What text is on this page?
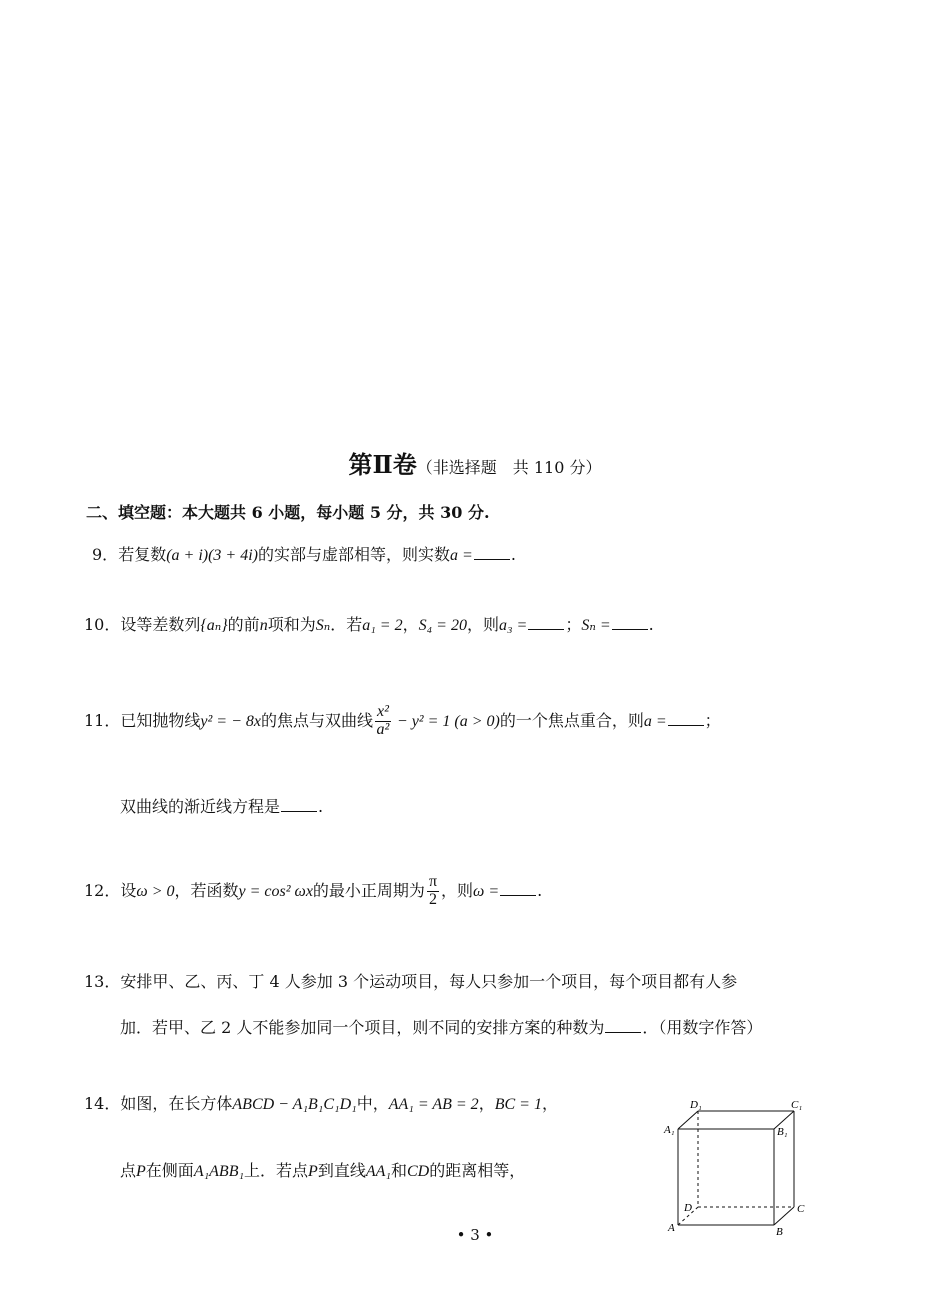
第Ⅱ卷（非选择题　共 110 分）
二、填空题：本大题共 6 小题，每小题 5 分，共 30 分.
9．若复数(a + i)(3 + 4i)的实部与虚部相等，则实数a = .
10．设等差数列{aₙ}的前n项和为Sₙ．若a₁ = 2，S₄ = 20，则a₃ = ；Sₙ = .
11．已知抛物线y² = − 8x的焦点与双曲线 $\frac{\text{x²}}{\text{a²}} - y^2 = 1$ (a > 0)的一个焦点重合，则a = ；
双曲线的渐近线方程是 .
12．设ω > 0，若函数y = cos² ωx的最小正周期为 $\frac{\pi}{2}$ ，则ω = .
13．安排甲、乙、丙、丁 4 人参加 3 个运动项目，每人只参加一个项目，每个项目都有人参
加．若甲、乙 2 人不能参加同一个项目，则不同的安排方案的种数为 ．（用数字作答）
14．如图，在长方体ABCD − A₁B₁C₁D₁中，AA₁ = AB = 2，BC = 1，
点P在侧面A₁ABB₁上．若点P到直线AA₁和CD的距离相等，
D₁	C₁
A₁	B₁
D	C
A	B
• 3 •
